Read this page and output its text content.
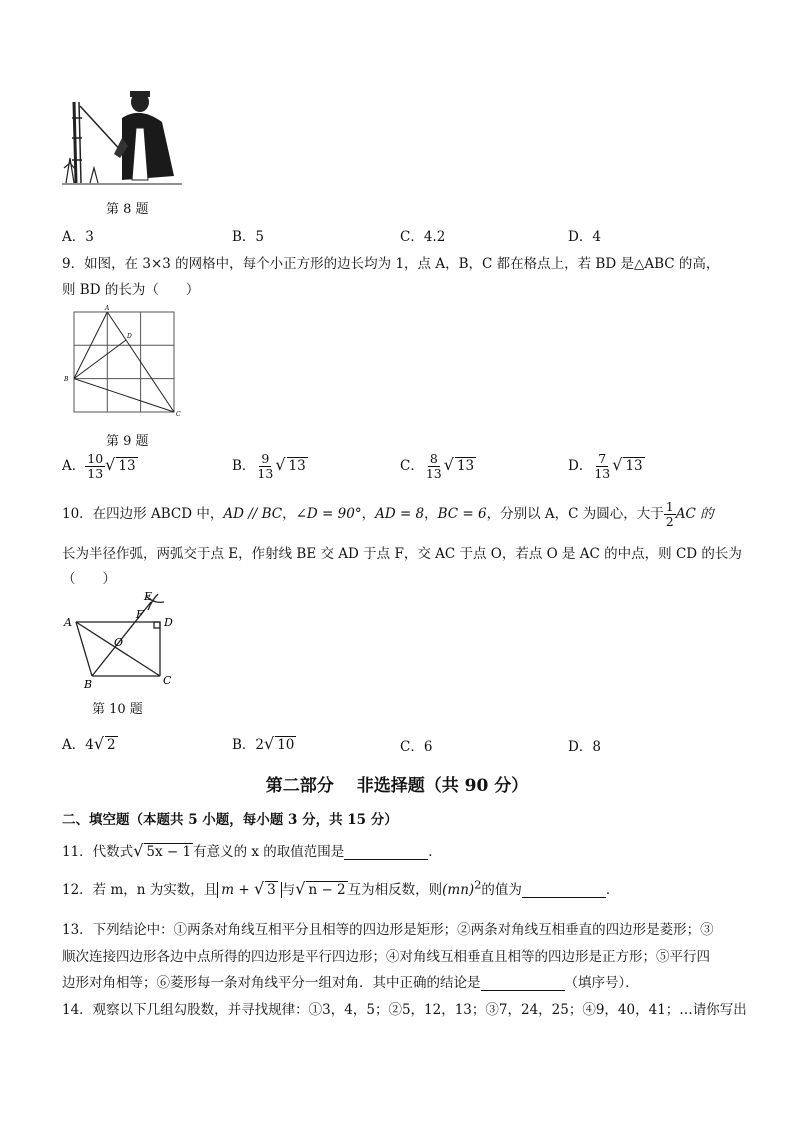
第 8 题
A．3	B．5	C．4.2	D．4
9．如图，在 3×3 的网格中，每个小正方形的边长均为 1，点 A，B，C 都在格点上，若 BD 是△ABC 的高，
则 BD 的长为（　　）
A
B
C
D
第 9 题
A． $\frac{10}{13}$ √ 13	B． $\frac{9}{13}$ √ 13	C． $\frac{8}{13}$ √ 13	D． $\frac{7}{13}$ √ 13
10．在四边形 ABCD 中，AD // BC，∠D = 90°，AD = 8，BC = 6，分别以 A，C 为圆心，大于 $\frac{1}{2}$ AC 的
长为半径作弧，两弧交于点 E，作射线 BE 交 AD 于点 F，交 AC 于点 O，若点 O 是 AC 的中点，则 CD 的长为
（　　）
A
B	C
D
E
F
O
第 10 题
A．4√ 2	B．2√ 10	C．6	D．8
第二部分　 非选择题（共 90 分）
二、填空题（本题共 5 小题，每小题 3 分，共 15 分）
11．代数式√ 5x − 1 有意义的 x 的取值范围是	．
12．若 m，n 为实数，且 m + √ 3 与√ n − 2 互为相反数，则(mn)$^2$的值为	．
13．下列结论中：①两条对角线互相平分且相等的四边形是矩形；②两条对角线互相垂直的四边形是菱形；③
顺次连接四边形各边中点所得的四边形是平行四边形；④对角线互相垂直且相等的四边形是正方形；⑤平行四
边形对角相等；⑥菱形每一条对角线平分一组对角．其中正确的结论是	（填序号）．
14．观察以下几组勾股数，并寻找规律：①3，4，5；②5，12，13；③7，24，25；④9，40，41；…请你写出
